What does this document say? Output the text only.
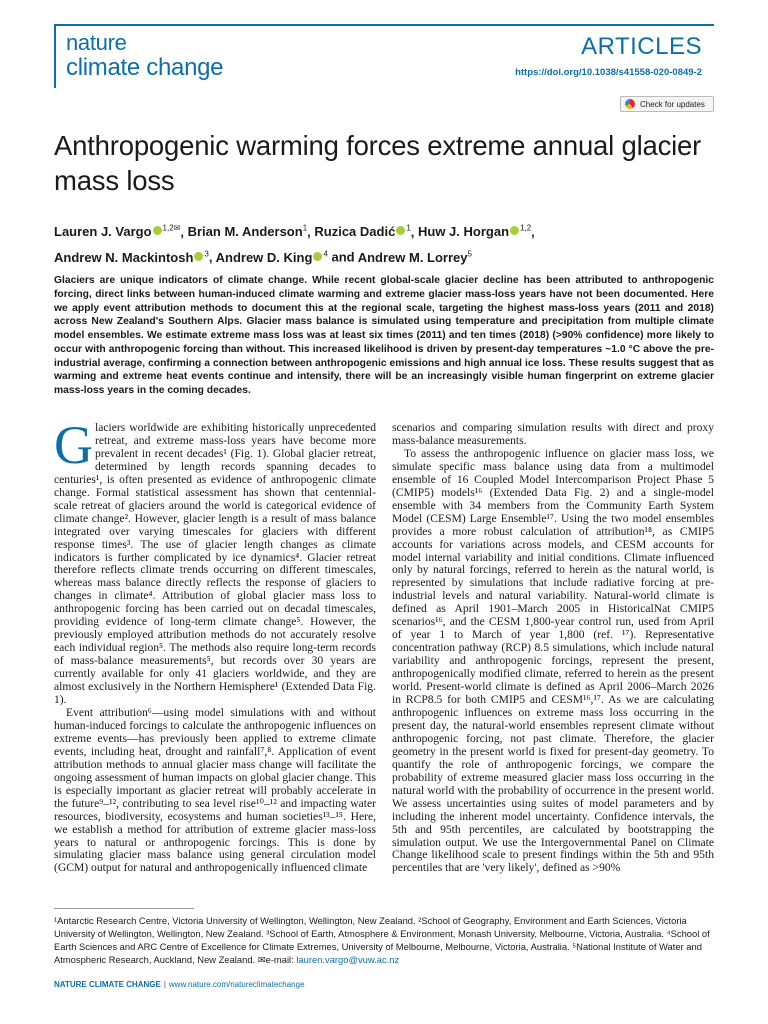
nature
climate change
ARTICLES
https://doi.org/10.1038/s41558-020-0849-2
Check for updates
Anthropogenic warming forces extreme annual glacier mass loss
Lauren J. Vargo $^{1,2✉}$, Brian M. Anderson$^1$, Ruzica Dadić $^1$, Huw J. Horgan $^{1,2}$,
Andrew N. Mackintosh $^3$, Andrew D. King $^4$ and Andrew M. Lorrey$^5$
Glaciers are unique indicators of climate change. While recent global-scale glacier decline has been attributed to anthropogenic forcing, direct links between human-induced climate warming and extreme glacier mass-loss years have not been documented. Here we apply event attribution methods to document this at the regional scale, targeting the highest mass-loss years (2011 and 2018) across New Zealand's Southern Alps. Glacier mass balance is simulated using temperature and precipitation from multiple climate model ensembles. We estimate extreme mass loss was at least six times (2011) and ten times (2018) (>90% confidence) more likely to occur with anthropogenic forcing than without. This increased likelihood is driven by present-day temperatures ~1.0 °C above the pre-industrial average, confirming a connection between anthropogenic emissions and high annual ice loss. These results suggest that as warming and extreme heat events continue and intensify, there will be an increasingly visible human fingerprint on extreme glacier mass-loss years in the coming decades.

Glaciers worldwide are exhibiting historically unprecedented retreat, and extreme mass-loss years have become more prevalent in recent decades¹ (Fig. 1). Global glacier retreat, determined by length records spanning decades to centuries¹, is often presented as evidence of anthropogenic climate change. Formal statistical assessment has shown that centennial-scale retreat of glaciers around the world is categorical evidence of climate change². However, glacier length is a result of mass balance integrated over varying timescales for glaciers with different response times³. The use of glacier length changes as climate indicators is further complicated by ice dynamics⁴. Glacier retreat therefore reflects climate trends occurring on different timescales, whereas mass balance directly reflects the response of glaciers to changes in climate⁴. Attribution of global glacier mass loss to anthropogenic forcing has been carried out on decadal timescales, providing evidence of long-term climate change⁵. However, the previously employed attribution methods do not accurately resolve each individual region⁵. The methods also require long-term records of mass-balance measurements⁵, but records over 30 years are currently available for only 41 glaciers worldwide, and they are almost exclusively in the Northern Hemisphere¹ (Extended Data Fig. 1).

Event attribution⁶—using model simulations with and without human-induced forcings to calculate the anthropogenic influences on extreme events—has previously been applied to extreme climate events, including heat, drought and rainfall⁷,⁸. Application of event attribution methods to annual glacier mass change will facilitate the ongoing assessment of human impacts on global glacier change. This is especially important as glacier retreat will probably accelerate in the future⁹–¹², contributing to sea level rise¹⁰–¹² and impacting water resources, biodiversity, ecosystems and human societies¹³–¹⁵. Here, we establish a method for attribution of extreme glacier mass-loss years to natural or anthropogenic forcings. This is done by simulating glacier mass balance using general circulation model (GCM) output for natural and anthropogenically influenced climate

scenarios and comparing simulation results with direct and proxy mass-balance measurements.

To assess the anthropogenic influence on glacier mass loss, we simulate specific mass balance using data from a multimodel ensemble of 16 Coupled Model Intercomparison Project Phase 5 (CMIP5) models¹⁶ (Extended Data Fig. 2) and a single-model ensemble with 34 members from the Community Earth System Model (CESM) Large Ensemble¹⁷. Using the two model ensembles provides a more robust calculation of attribution¹⁸, as CMIP5 accounts for variations across models, and CESM accounts for model internal variability and initial conditions. Climate influenced only by natural forcings, referred to herein as the natural world, is represented by simulations that include radiative forcing at pre-industrial levels and natural variability. Natural-world climate is defined as April 1901–March 2005 in HistoricalNat CMIP5 scenarios¹⁶, and the CESM 1,800-year control run, used from April of year 1 to March of year 1,800 (ref. ¹⁷). Representative concentration pathway (RCP) 8.5 simulations, which include natural variability and anthropogenic forcings, represent the present, anthropogenically modified climate, referred to herein as the present world. Present-world climate is defined as April 2006–March 2026 in RCP8.5 for both CMIP5 and CESM¹⁶,¹⁷. As we are calculating anthropogenic influences on extreme mass loss occurring in the present day, the natural-world ensembles represent climate without anthropogenic forcing, not past climate. Therefore, the glacier geometry in the present world is fixed for present-day geometry. To quantify the role of anthropogenic forcings, we compare the probability of extreme measured glacier mass loss occurring in the natural world with the probability of occurrence in the present world. We assess uncertainties using suites of model parameters and by including the inherent model uncertainty. Confidence intervals, the 5th and 95th percentiles, are calculated by bootstrapping the simulation output. We use the Intergovernmental Panel on Climate Change likelihood scale to present findings within the 5th and 95th percentiles that are 'very likely', defined as >90%

¹Antarctic Research Centre, Victoria University of Wellington, Wellington, New Zealand. ²School of Geography, Environment and Earth Sciences, Victoria University of Wellington, Wellington, New Zealand. ³School of Earth, Atmosphere & Environment, Monash University, Melbourne, Victoria, Australia. ⁴School of Earth Sciences and ARC Centre of Excellence for Climate Extremes, University of Melbourne, Melbourne, Victoria, Australia. ⁵National Institute of Water and Atmospheric Research, Auckland, New Zealand. ✉e-mail: lauren.vargo@vuw.ac.nz
NATURE CLIMATE CHANGE | www.nature.com/natureclimatechange
